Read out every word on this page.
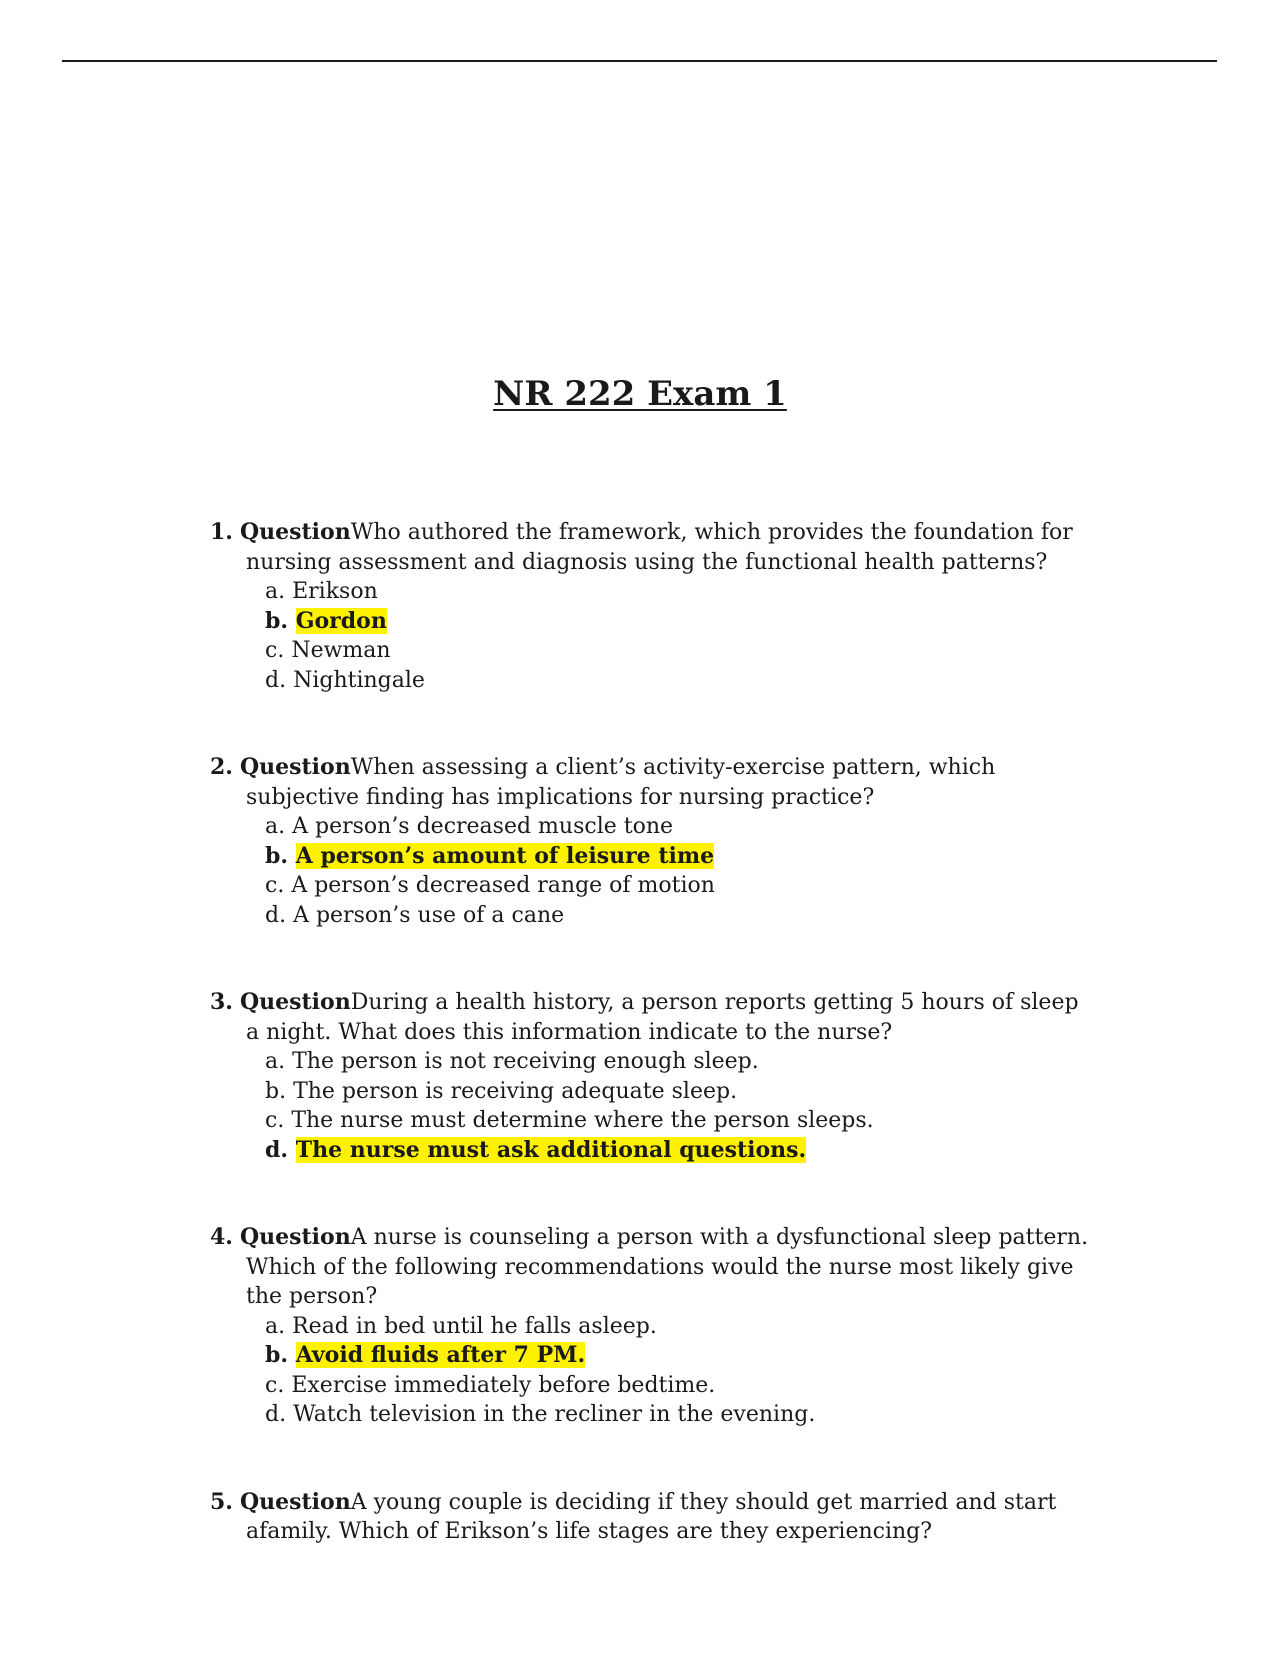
NR 222 Exam 1
1. QuestionWho authored the framework, which provides the foundation for nursing assessment and diagnosis using the functional health patterns?
a. Erikson
b. Gordon
c. Newman
d. Nightingale
2. QuestionWhen assessing a client’s activity-exercise pattern, which subjective finding has implications for nursing practice?
a. A person’s decreased muscle tone
b. A person’s amount of leisure time
c. A person’s decreased range of motion
d. A person’s use of a cane
3. QuestionDuring a health history, a person reports getting 5 hours of sleep a night. What does this information indicate to the nurse?
a. The person is not receiving enough sleep.
b. The person is receiving adequate sleep.
c. The nurse must determine where the person sleeps.
d. The nurse must ask additional questions.
4. QuestionA nurse is counseling a person with a dysfunctional sleep pattern. Which of the following recommendations would the nurse most likely give the person?
a. Read in bed until he falls asleep.
b. Avoid fluids after 7 PM.
c. Exercise immediately before bedtime.
d. Watch television in the recliner in the evening.
5. QuestionA young couple is deciding if they should get married and start afamily. Which of Erikson’s life stages are they experiencing?
